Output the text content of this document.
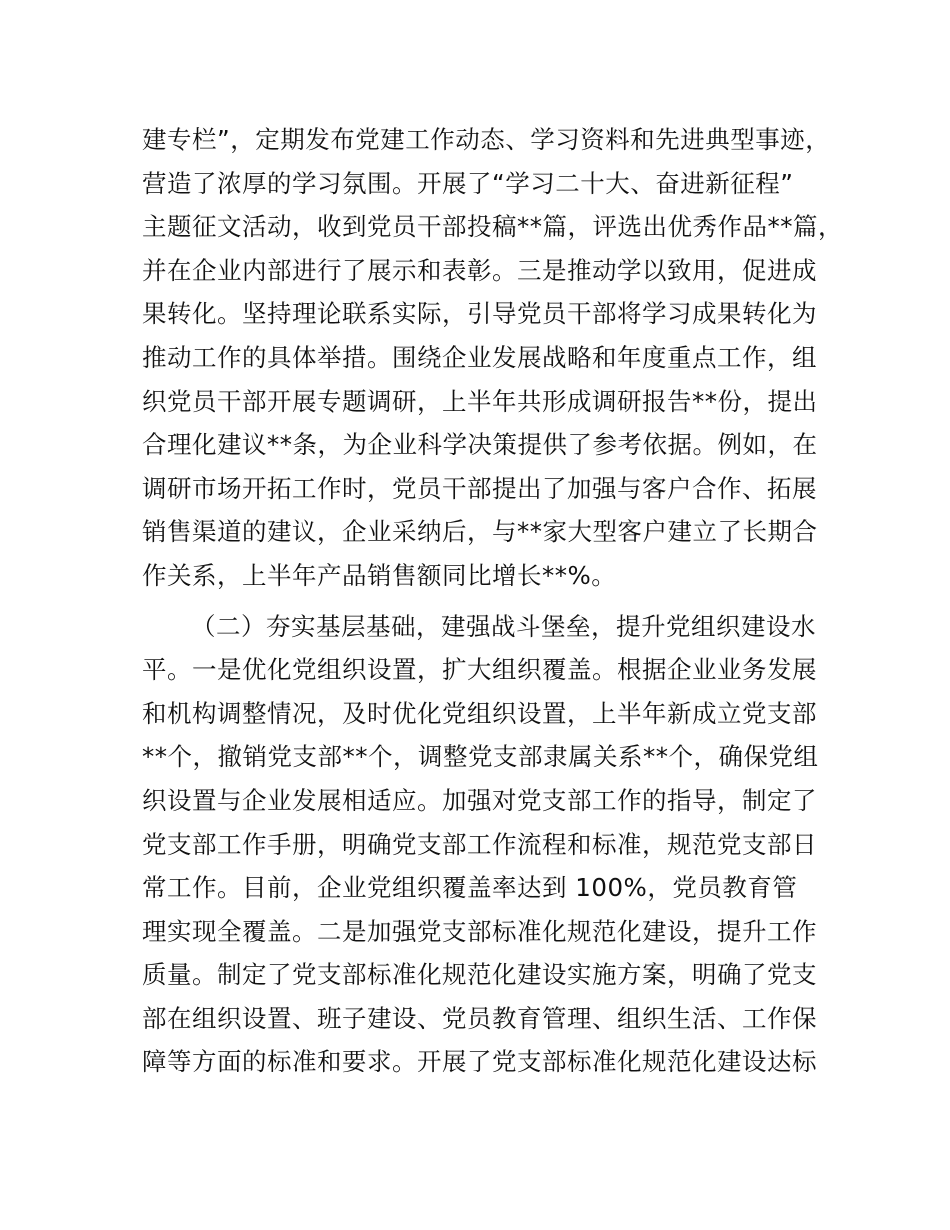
建专栏”，定期发布党建工作动态、学习资料和先进典型事迹，
营造了浓厚的学习氛围。开展了“学习二十大、奋进新征程”
主题征文活动，收到党员干部投稿**篇，评选出优秀作品**篇，
并在企业内部进行了展示和表彰。三是推动学以致用，促进成
果转化。坚持理论联系实际，引导党员干部将学习成果转化为
推动工作的具体举措。围绕企业发展战略和年度重点工作，组
织党员干部开展专题调研，上半年共形成调研报告**份，提出
合理化建议**条，为企业科学决策提供了参考依据。例如，在
调研市场开拓工作时，党员干部提出了加强与客户合作、拓展
销售渠道的建议，企业采纳后，与**家大型客户建立了长期合
作关系，上半年产品销售额同比增长**%。
（二）夯实基层基础，建强战斗堡垒，提升党组织建设水
平。一是优化党组织设置，扩大组织覆盖。根据企业业务发展
和机构调整情况，及时优化党组织设置，上半年新成立党支部
**个，撤销党支部**个，调整党支部隶属关系**个，确保党组
织设置与企业发展相适应。加强对党支部工作的指导，制定了
党支部工作手册，明确党支部工作流程和标准，规范党支部日
常工作。目前，企业党组织覆盖率达到 100%，党员教育管
理实现全覆盖。二是加强党支部标准化规范化建设，提升工作
质量。制定了党支部标准化规范化建设实施方案，明确了党支
部在组织设置、班子建设、党员教育管理、组织生活、工作保
障等方面的标准和要求。开展了党支部标准化规范化建设达标
